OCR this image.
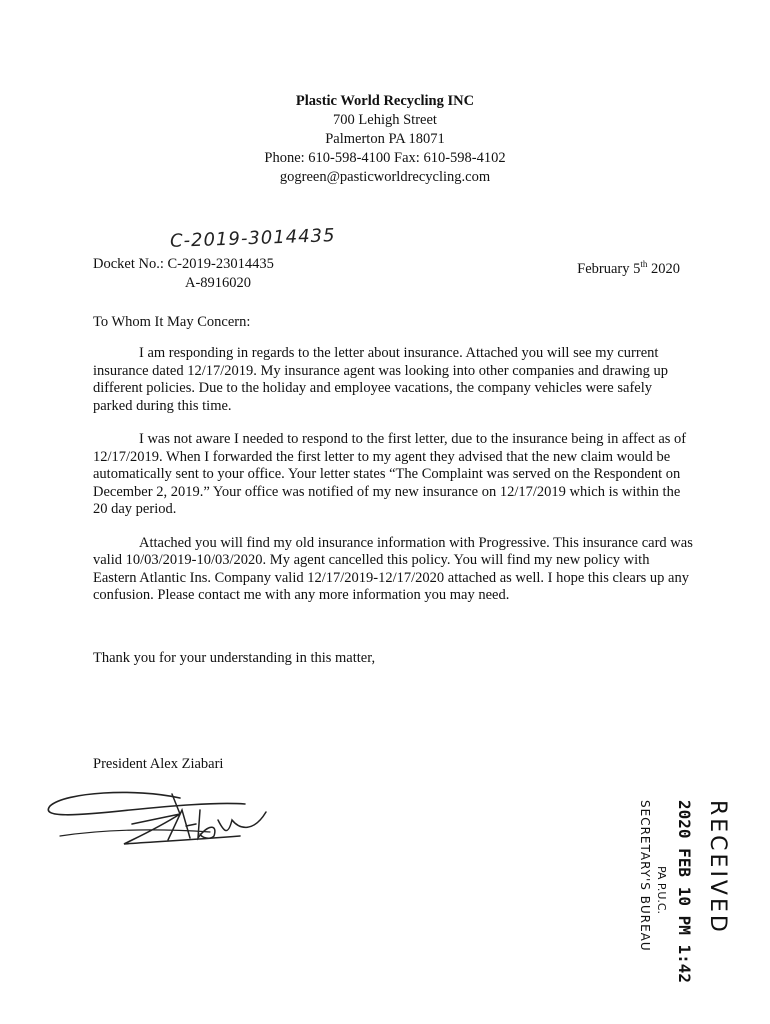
Plastic World Recycling INC
700 Lehigh Street
Palmerton PA 18071
Phone: 610-598-4100 Fax: 610-598-4102
gogreen@pasticworldrecycling.com
C-2019-3014435
Docket No.: C-2019-23014435
A-8916020
February 5th 2020
To Whom It May Concern:

I am responding in regards to the letter about insurance. Attached you will see my current insurance dated 12/17/2019. My insurance agent was looking into other companies and drawing up different policies. Due to the holiday and employee vacations, the company vehicles were safely parked during this time.

I was not aware I needed to respond to the first letter, due to the insurance being in affect as of 12/17/2019. When I forwarded the first letter to my agent they advised that the new claim would be automatically sent to your office. Your letter states “The Complaint was served on the Respondent on December 2, 2019.” Your office was notified of my new insurance on 12/17/2019 which is within the 20 day period.

Attached you will find my old insurance information with Progressive. This insurance card was valid 10/03/2019-10/03/2020. My agent cancelled this policy. You will find my new policy with Eastern Atlantic Ins. Company valid 12/17/2019-12/17/2020 attached as well. I hope this clears up any confusion. Please contact me with any more information you may need.

Thank you for your understanding in this matter,
President Alex Ziabari
RECEIVED
2020 FEB 10 PM 1:42
PA P.U.C.
SECRETARY'S BUREAU
